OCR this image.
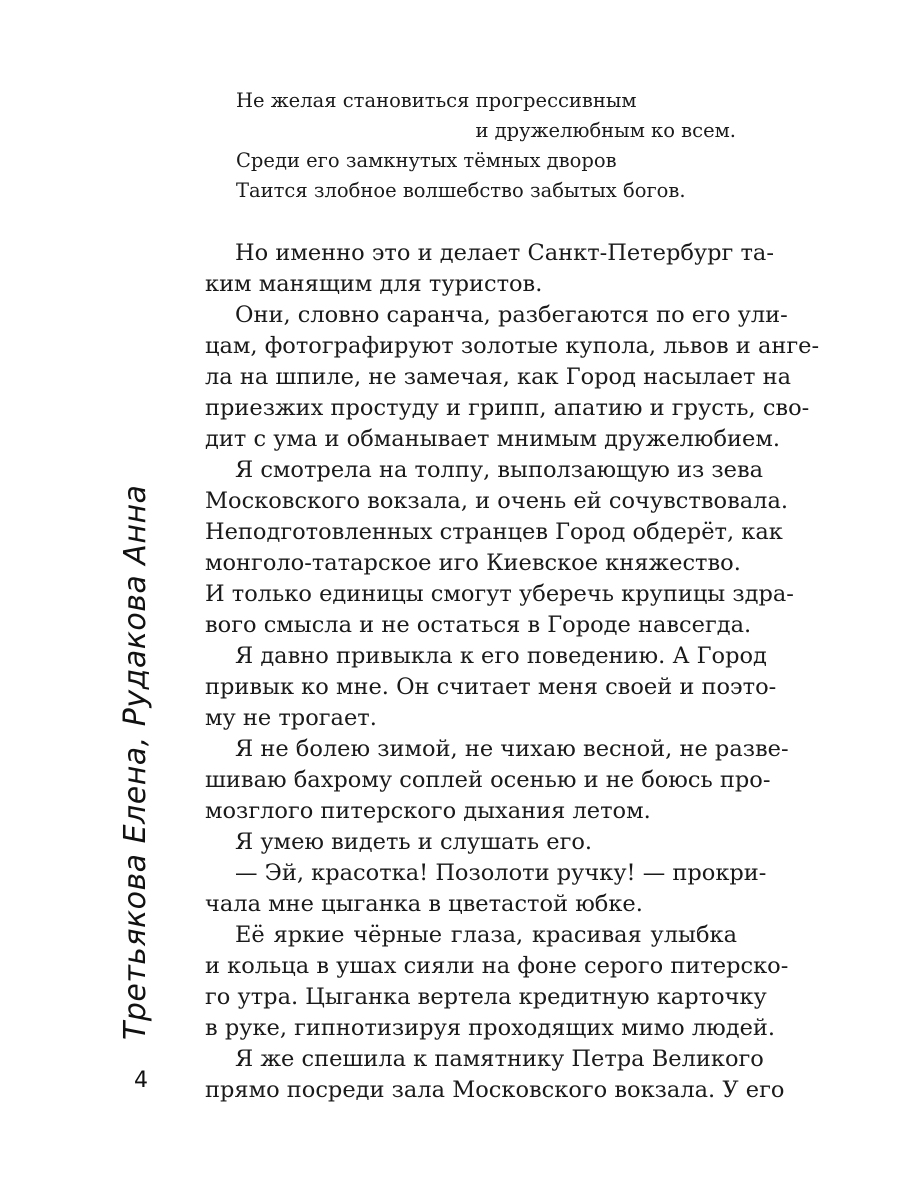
Не желая становиться прогрессивным
и дружелюбным ко всем.
Среди его замкнутых тёмных дворов
Таится злобное волшебство забытых богов.
Но именно это и делает Санкт-Петербург та-
ким манящим для туристов.
Они, словно саранча, разбегаются по его ули-
цам, фотографируют золотые купола, львов и анге-
ла на шпиле, не замечая, как Город насылает на
приезжих простуду и грипп, апатию и грусть, сво-
дит с ума и обманывает мнимым дружелюбием.
Я смотрела на толпу, выползающую из зева
Московского вокзала, и очень ей сочувствовала.
Неподготовленных странцев Город обдерёт, как
монголо-татарское иго Киевское княжество.
И только единицы смогут уберечь крупицы здра-
вого смысла и не остаться в Городе навсегда.
Я давно привыкла к его поведению. А Город
привык ко мне. Он считает меня своей и поэто-
му не трогает.
Я не болею зимой, не чихаю весной, не разве-
шиваю бахрому соплей осенью и не боюсь про-
мозглого питерского дыхания летом.
Я умею видеть и слушать его.
— Эй, красотка! Позолоти ручку! — прокри-
чала мне цыганка в цветастой юбке.
Её яркие чёрные глаза, красивая улыбка
и кольца в ушах сияли на фоне серого питерско-
го утра. Цыганка вертела кредитную карточку
в руке, гипнотизируя проходящих мимо людей.
Я же спешила к памятнику Петра Великого
прямо посреди зала Московского вокзала. У его
Третьякова Елена, Рудакова Анна
4
